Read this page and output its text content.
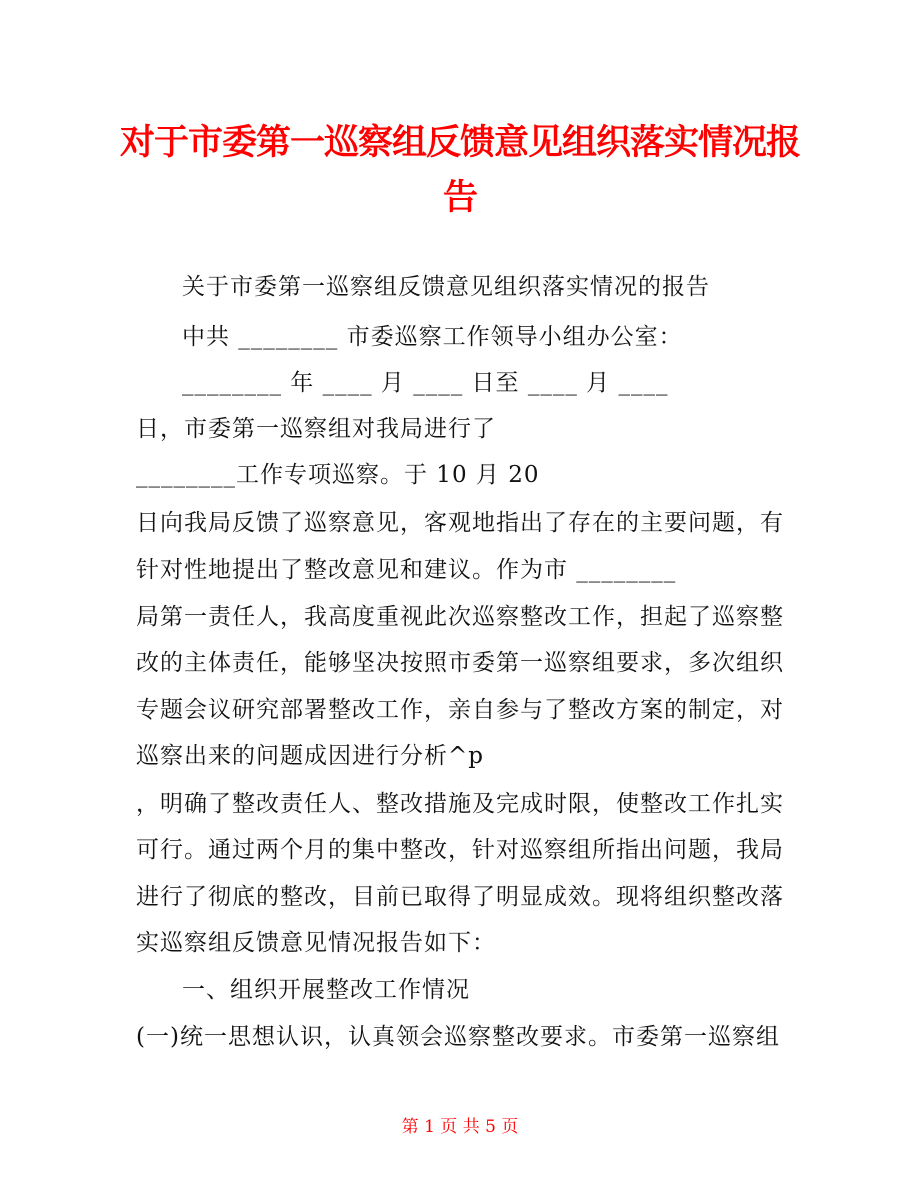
对于市委第一巡察组反馈意见组织落实情况报
告

关于市委第一巡察组反馈意见组织落实情况的报告

中共 ________ 市委巡察工作领导小组办公室：

________ 年 ____ 月 ____ 日至 ____ 月 ____

日，市委第一巡察组对我局进行了

________工作专项巡察。于 10 月 20

日向我局反馈了巡察意见，客观地指出了存在的主要问题，有

针对性地提出了整改意见和建议。作为市 ________

局第一责任人，我高度重视此次巡察整改工作，担起了巡察整

改的主体责任，能够坚决按照市委第一巡察组要求，多次组织

专题会议研究部署整改工作，亲自参与了整改方案的制定，对

巡察出来的问题成因进行分析^p

，明确了整改责任人、整改措施及完成时限，使整改工作扎实

可行。通过两个月的集中整改，针对巡察组所指出问题，我局

进行了彻底的整改，目前已取得了明显成效。现将组织整改落

实巡察组反馈意见情况报告如下：

一、组织开展整改工作情况

(一)统一思想认识，认真领会巡察整改要求。市委第一巡察组

第 1 页 共 5 页
